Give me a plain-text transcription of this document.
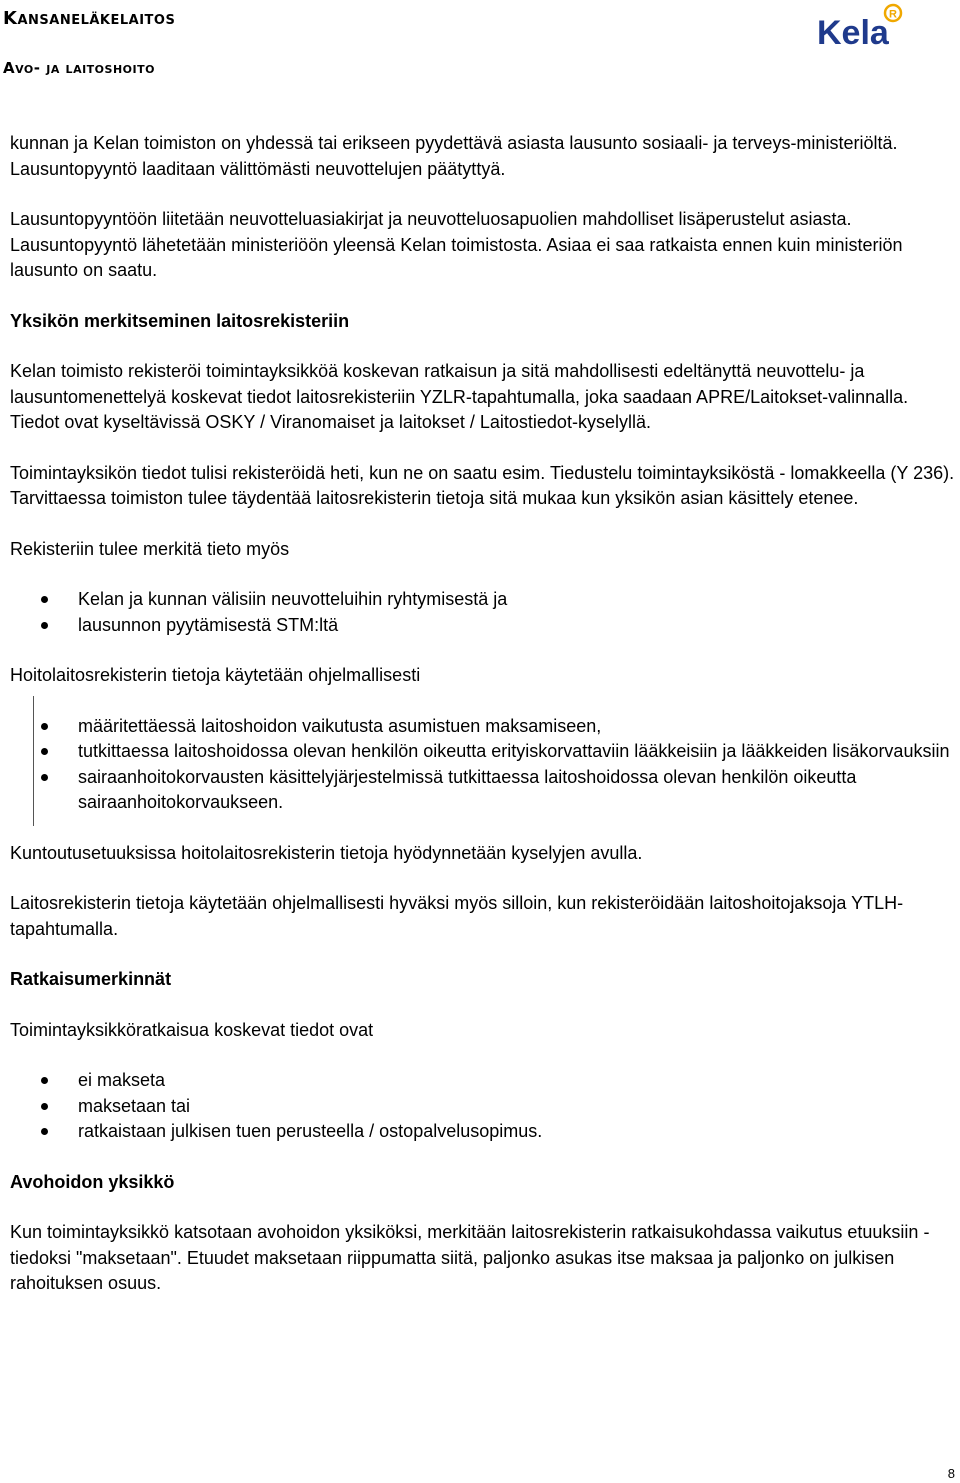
Kansaneläkelaitos

Avo- ja laitoshoito

Kela R

kunnan ja Kelan toimiston on yhdessä tai erikseen pyydettävä asiasta lausunto sosiaali- ja terveys-ministeriöltä. Lausuntopyyntö laaditaan välittömästi neuvottelujen päätyttyä.

Lausuntopyyntöön liitetään neuvotteluasiakirjat ja neuvotteluosapuolien mahdolliset lisäperustelut asiasta. Lausuntopyyntö lähetetään ministeriöön yleensä Kelan toimistosta. Asiaa ei saa ratkaista ennen kuin ministeriön lausunto on saatu.

Yksikön merkitseminen laitosrekisteriin

Kelan toimisto rekisteröi toimintayksikköä koskevan ratkaisun ja sitä mahdollisesti edeltänyttä neuvottelu- ja lausuntomenettelyä koskevat tiedot laitosrekisteriin YZLR-tapahtumalla, joka saadaan APRE/Laitokset-valinnalla. Tiedot ovat kyseltävissä OSKY / Viranomaiset ja laitokset / Laitostiedot-kyselyllä.

Toimintayksikön tiedot tulisi rekisteröidä heti, kun ne on saatu esim. Tiedustelu toimintayksiköstä - lomakkeella (Y 236). Tarvittaessa toimiston tulee täydentää laitosrekisterin tietoja sitä mukaa kun yksikön asian käsittely etenee.

Rekisteriin tulee merkitä tieto myös

Kelan ja kunnan välisiin neuvotteluihin ryhtymisestä ja
lausunnon pyytämisestä STM:ltä

Hoitolaitosrekisterin tietoja käytetään ohjelmallisesti

määritettäessä laitoshoidon vaikutusta asumistuen maksamiseen,
tutkittaessa laitoshoidossa olevan henkilön oikeutta erityiskorvattaviin lääkkeisiin ja lääkkeiden lisäkorvauksiin
sairaanhoitokorvausten käsittelyjärjestelmissä tutkittaessa laitoshoidossa olevan henkilön oikeutta sairaanhoitokorvaukseen.

Kuntoutusetuuksissa hoitolaitosrekisterin tietoja hyödynnetään kyselyjen avulla.

Laitosrekisterin tietoja käytetään ohjelmallisesti hyväksi myös silloin, kun rekisteröidään laitoshoitojaksoja YTLH-tapahtumalla.

Ratkaisumerkinnät

Toimintayksikköratkaisua koskevat tiedot ovat

ei makseta
maksetaan tai
ratkaistaan julkisen tuen perusteella / ostopalvelusopimus.
Avohoidon yksikkö

Kun toimintayksikkö katsotaan avohoidon yksiköksi, merkitään laitosrekisterin ratkaisukohdassa vaikutus etuuksiin -tiedoksi "maksetaan". Etuudet maksetaan riippumatta siitä, paljonko asukas itse maksaa ja paljonko on julkisen rahoituksen osuus.

8
